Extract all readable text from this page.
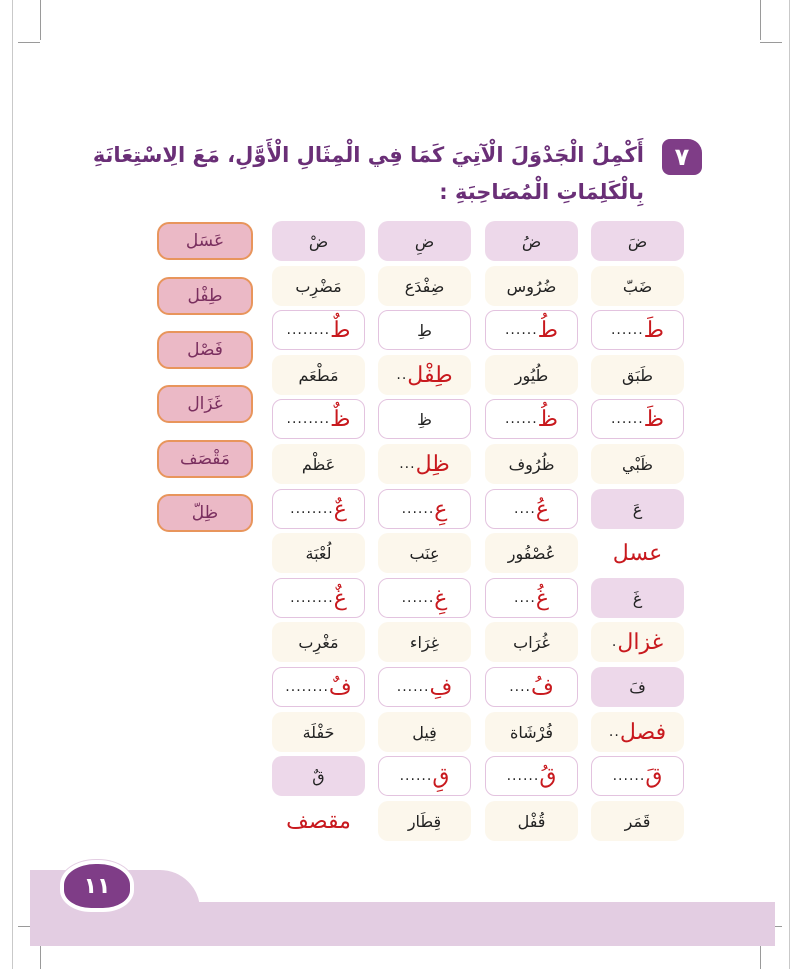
٧
أَكْمِلُ الْجَدْوَلَ الْآتِيَ كَمَا فِي الْمِثَالِ الْأَوَّلِ، مَعَ الِاسْتِعَانَةِ
بِالْكَلِمَاتِ الْمُصَاحِبَةِ :
عَسَل
طِفْل
فَصْل
غَزَال
مَقْصَف
ظِلّ
ضَ
ضُ
ضِ
ضْ
ضَبّ
ضُرُوس
ضِفْدَع
مَضْرِب
طَ
......
طُ
......
طِ
طٌ
........
طَبَق
طُيُور
طِفْل
..
مَطْعَم
ظَ
......
ظُ
......
ظِ
ظٌ
........
ظَبْي
ظُرُوف
ظِل
...
عَظْم
عَ
عُ
....
عِ
......
عٌ
........
عسل
عُصْفُور
عِنَب
لُعْبَة
غَ
غُ
....
غِ
......
غٌ
........
غزال
.
غُرَاب
غِرَاء
مَغْرِب
فَ
فُ
....
فِ
......
فٌ
........
فصل
..
فُرْشَاة
فِيل
حَفْلَة
قَ
......
قُ
......
قِ
......
قٌ
قَمَر
قُفْل
قِطَار
مقصف
١١
